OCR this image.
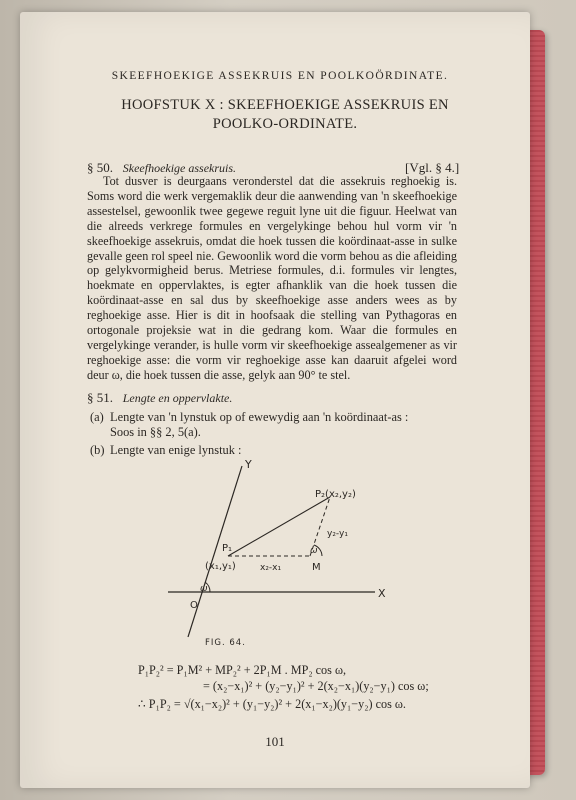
SKEEFHOEKIGE ASSEKRUIS EN POOLKOÖRDINATE.
HOOFSTUK X : SKEEFHOEKIGE ASSEKRUIS EN
POOLKO-ORDINATE.
§ 50. Skeefhoekige assekruis.	[Vgl. § 4.]
Tot dusver is deurgaans veronderstel dat die assekruis reghoekig is. Soms word die werk vergemaklik deur die aanwending van 'n skeefhoekige assestelsel, gewoonlik twee gegewe reguit lyne uit die figuur. Heelwat van die alreeds verkrege formules en vergelykinge behou hul vorm vir 'n skeefhoekige assekruis, omdat die hoek tussen die koördinaat-asse in sulke gevalle geen rol speel nie. Gewoonlik word die vorm behou as die afleiding op gelykvormigheid berus. Metriese formules, d.i. formules vir lengtes, hoekmate en oppervlaktes, is egter afhanklik van die hoek tussen die koördinaat-asse en sal dus by skeefhoekige asse anders wees as by reghoekige asse. Hier is dit in hoofsaak die stelling van Pythagoras en ortogonale projeksie wat in die gedrang kom. Waar die formules en vergelykinge verander, is hulle vorm vir skeefhoekige assealgemener as vir reghoekige asse: die vorm vir reghoekige asse kan daaruit afgelei word deur ω, die hoek tussen die asse, gelyk aan 90° te stel.
§ 51. Lengte en oppervlakte.
(a) Lengte van 'n lynstuk op of ewewydig aan 'n koördinaat-as :
Soos in §§ 2, 5(a).
(b) Lengte van enige lynstuk :
Y
X
O
ω
ω
P₁
(x₁,y₁)
P₂(x₂,y₂)
M
x₂-x₁
y₂-y₁
FIG. 64.
P₁P₂² = P₁M² + MP₂² + 2P₁M . MP₂ cos ω,
= (x₂−x₁)² + (y₂−y₁)² + 2(x₂−x₁)(y₂−y₁) cos ω;
∴ P₁P₂ = √(x₁−x₂)² + (y₁−y₂)² + 2(x₁−x₂)(y₁−y₂) cos ω.
101
